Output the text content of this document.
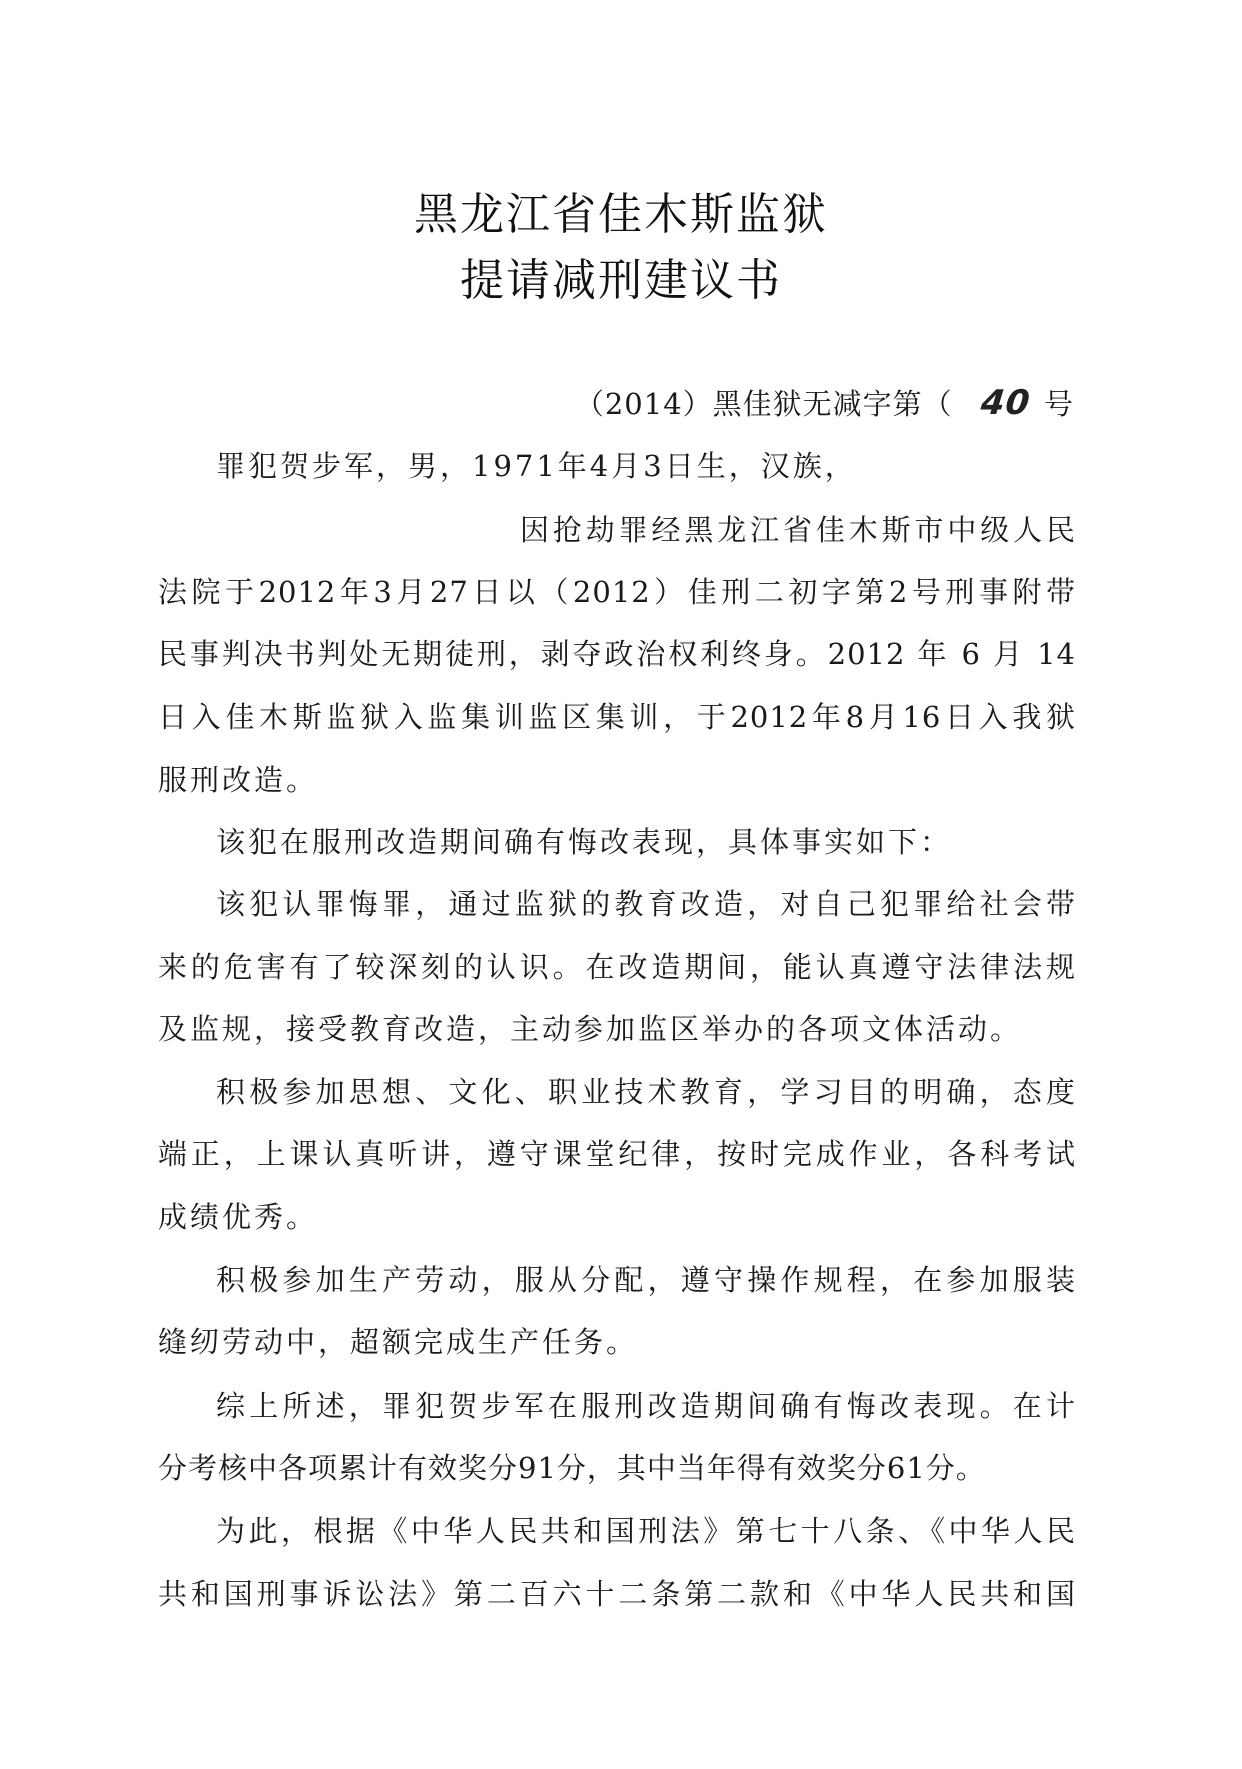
黑龙江省佳木斯监狱
提请减刑建议书
（2014）黑佳狱无减字第（ 40 号
罪犯贺步军，男，1971年4月3日生，汉族，
因抢劫罪经黑龙江省佳木斯市中级人民
法院于2012年3月27日以（2012）佳刑二初字第2号刑事附带
民事判决书判处无期徒刑，剥夺政治权利终身。2012 年 6 月 14
日入佳木斯监狱入监集训监区集训，于2012年8月16日入我狱
服刑改造。
该犯在服刑改造期间确有悔改表现，具体事实如下：
该犯认罪悔罪，通过监狱的教育改造，对自己犯罪给社会带
来的危害有了较深刻的认识。在改造期间，能认真遵守法律法规
及监规，接受教育改造，主动参加监区举办的各项文体活动。
积极参加思想、文化、职业技术教育，学习目的明确，态度
端正，上课认真听讲，遵守课堂纪律，按时完成作业，各科考试
成绩优秀。
积极参加生产劳动，服从分配，遵守操作规程，在参加服装
缝纫劳动中，超额完成生产任务。
综上所述，罪犯贺步军在服刑改造期间确有悔改表现。在计
分考核中各项累计有效奖分91分，其中当年得有效奖分61分。
为此，根据《中华人民共和国刑法》第七十八条、《中华人民
共和国刑事诉讼法》第二百六十二条第二款和《中华人民共和国
